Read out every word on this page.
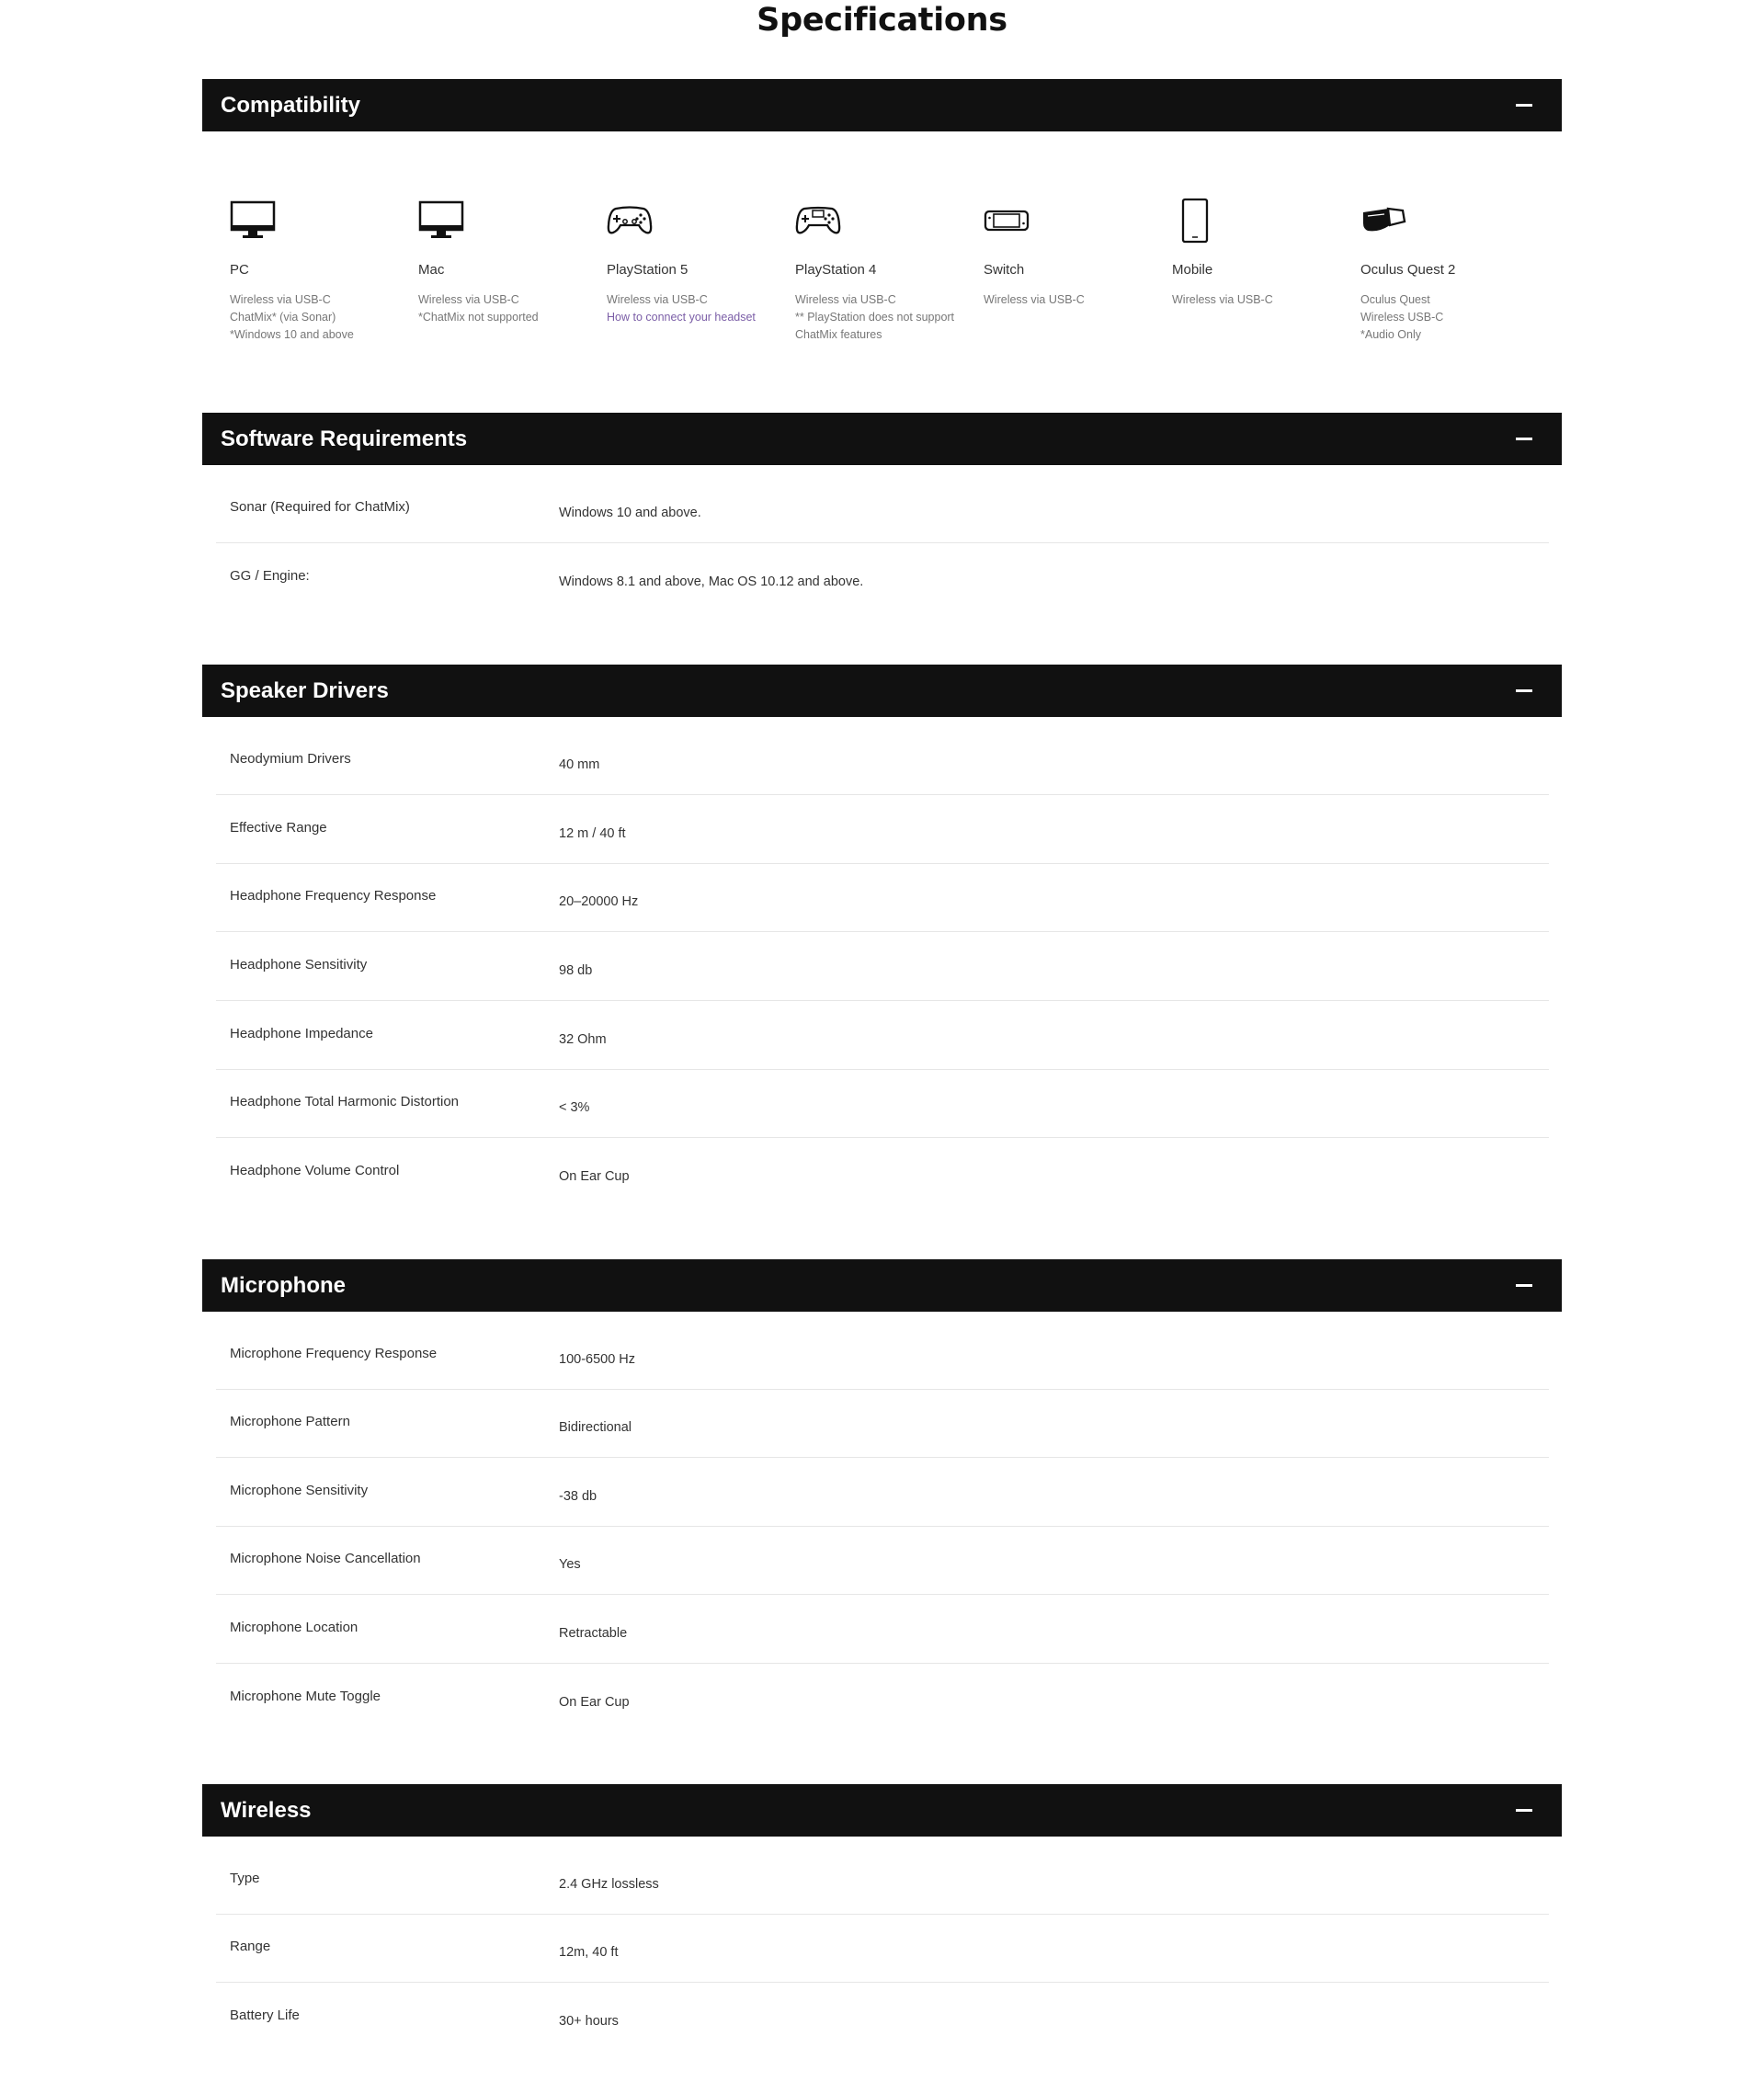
Specifications
Compatibility
PC
Wireless via USB-C
ChatMix* (via Sonar)
*Windows 10 and above
Mac
Wireless via USB-C
*ChatMix not supported
PlayStation 5
Wireless via USB-C
How to connect your headset
PlayStation 4
Wireless via USB-C
** PlayStation does not support
ChatMix features
Switch
Wireless via USB-C
Mobile
Wireless via USB-C
Oculus Quest 2
Oculus Quest
Wireless USB-C
*Audio Only
Software Requirements
Sonar (Required for ChatMix)	Windows 10 and above.
GG / Engine:	Windows 8.1 and above, Mac OS 10.12 and above.
Speaker Drivers
Neodymium Drivers	40 mm
Effective Range	12 m / 40 ft
Headphone Frequency Response	20–20000 Hz
Headphone Sensitivity	98 db
Headphone Impedance	32 Ohm
Headphone Total Harmonic Distortion	< 3%
Headphone Volume Control	On Ear Cup
Microphone
Microphone Frequency Response	100-6500 Hz
Microphone Pattern	Bidirectional
Microphone Sensitivity	-38 db
Microphone Noise Cancellation	Yes
Microphone Location	Retractable
Microphone Mute Toggle	On Ear Cup
Wireless
Type	2.4 GHz lossless
Range	12m, 40 ft
Battery Life	30+ hours
